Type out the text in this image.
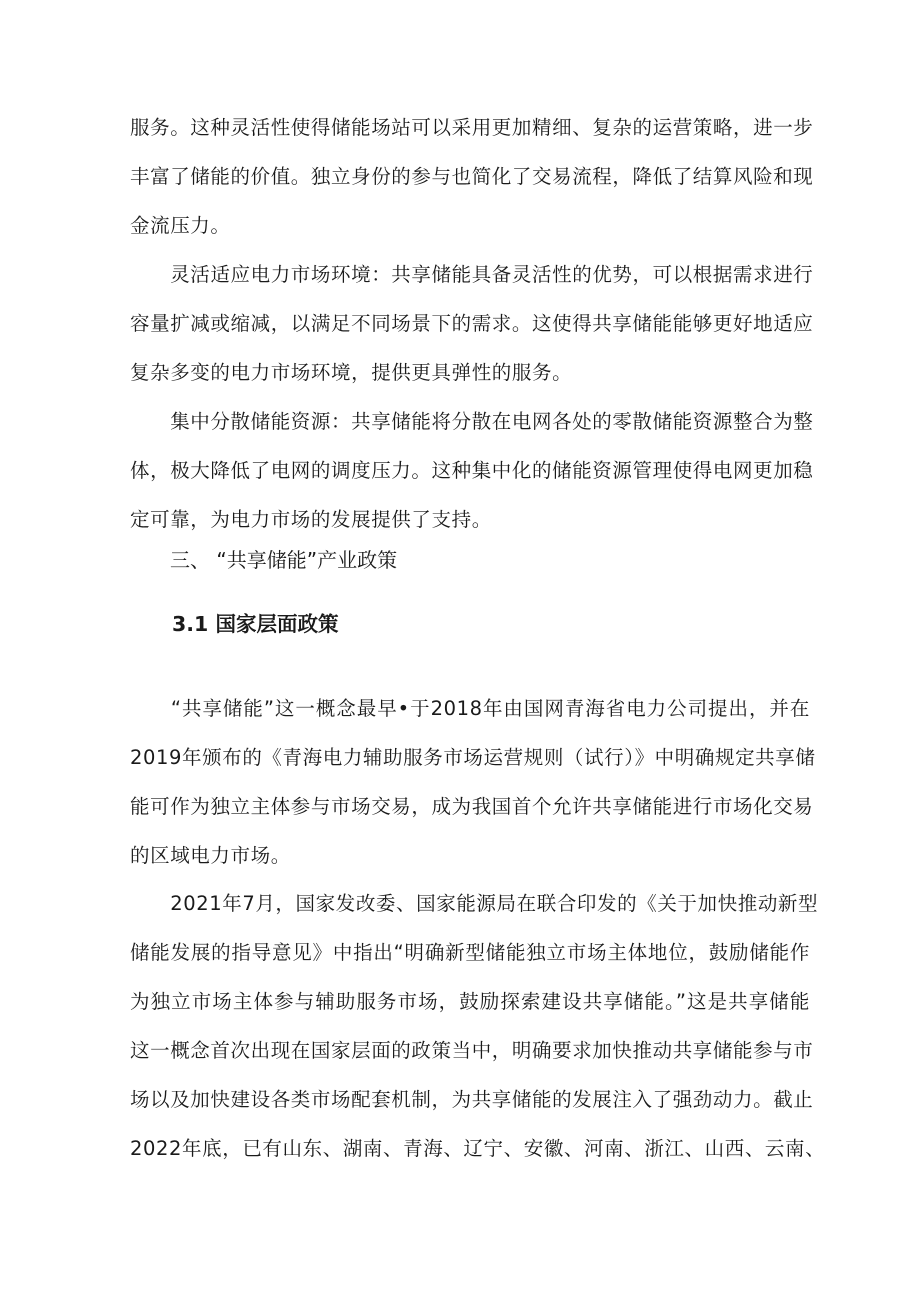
服务。这种灵活性使得储能场站可以采用更加精细、复杂的运营策略，进一步
丰富了储能的价值。独立身份的参与也简化了交易流程，降低了结算风险和现
金流压力。
　　灵活适应电力市场环境：共享储能具备灵活性的优势，可以根据需求进行
容量扩减或缩减，以满足不同场景下的需求。这使得共享储能能够更好地适应
复杂多变的电力市场环境，提供更具弹性的服务。
　　集中分散储能资源：共享储能将分散在电网各处的零散储能资源整合为整
体，极大降低了电网的调度压力。这种集中化的储能资源管理使得电网更加稳
定可靠，为电力市场的发展提供了支持。
三、 “共享储能”产业政策
3.1 国家层面政策
　　“共享储能”这一概念最早•于2018年由国网青海省电力公司提出，并在
2019年颁布的《青海电力辅助服务市场运营规则（试行）》中明确规定共享储
能可作为独立主体参与市场交易，成为我国首个允许共享储能进行市场化交易
的区域电力市场。
　　2021年7月，国家发改委、国家能源局在联合印发的《关于加快推动新型
储能发展的指导意见》中指出“明确新型储能独立市场主体地位，鼓励储能作
为独立市场主体参与辅助服务市场，鼓励探索建设共享储能。”这是共享储能
这一概念首次出现在国家层面的政策当中，明确要求加快推动共享储能参与市
场以及加快建设各类市场配套机制，为共享储能的发展注入了强劲动力。截止
2022年底，已有山东、湖南、青海、辽宁、安徽、河南、浙江、山西、云南、
